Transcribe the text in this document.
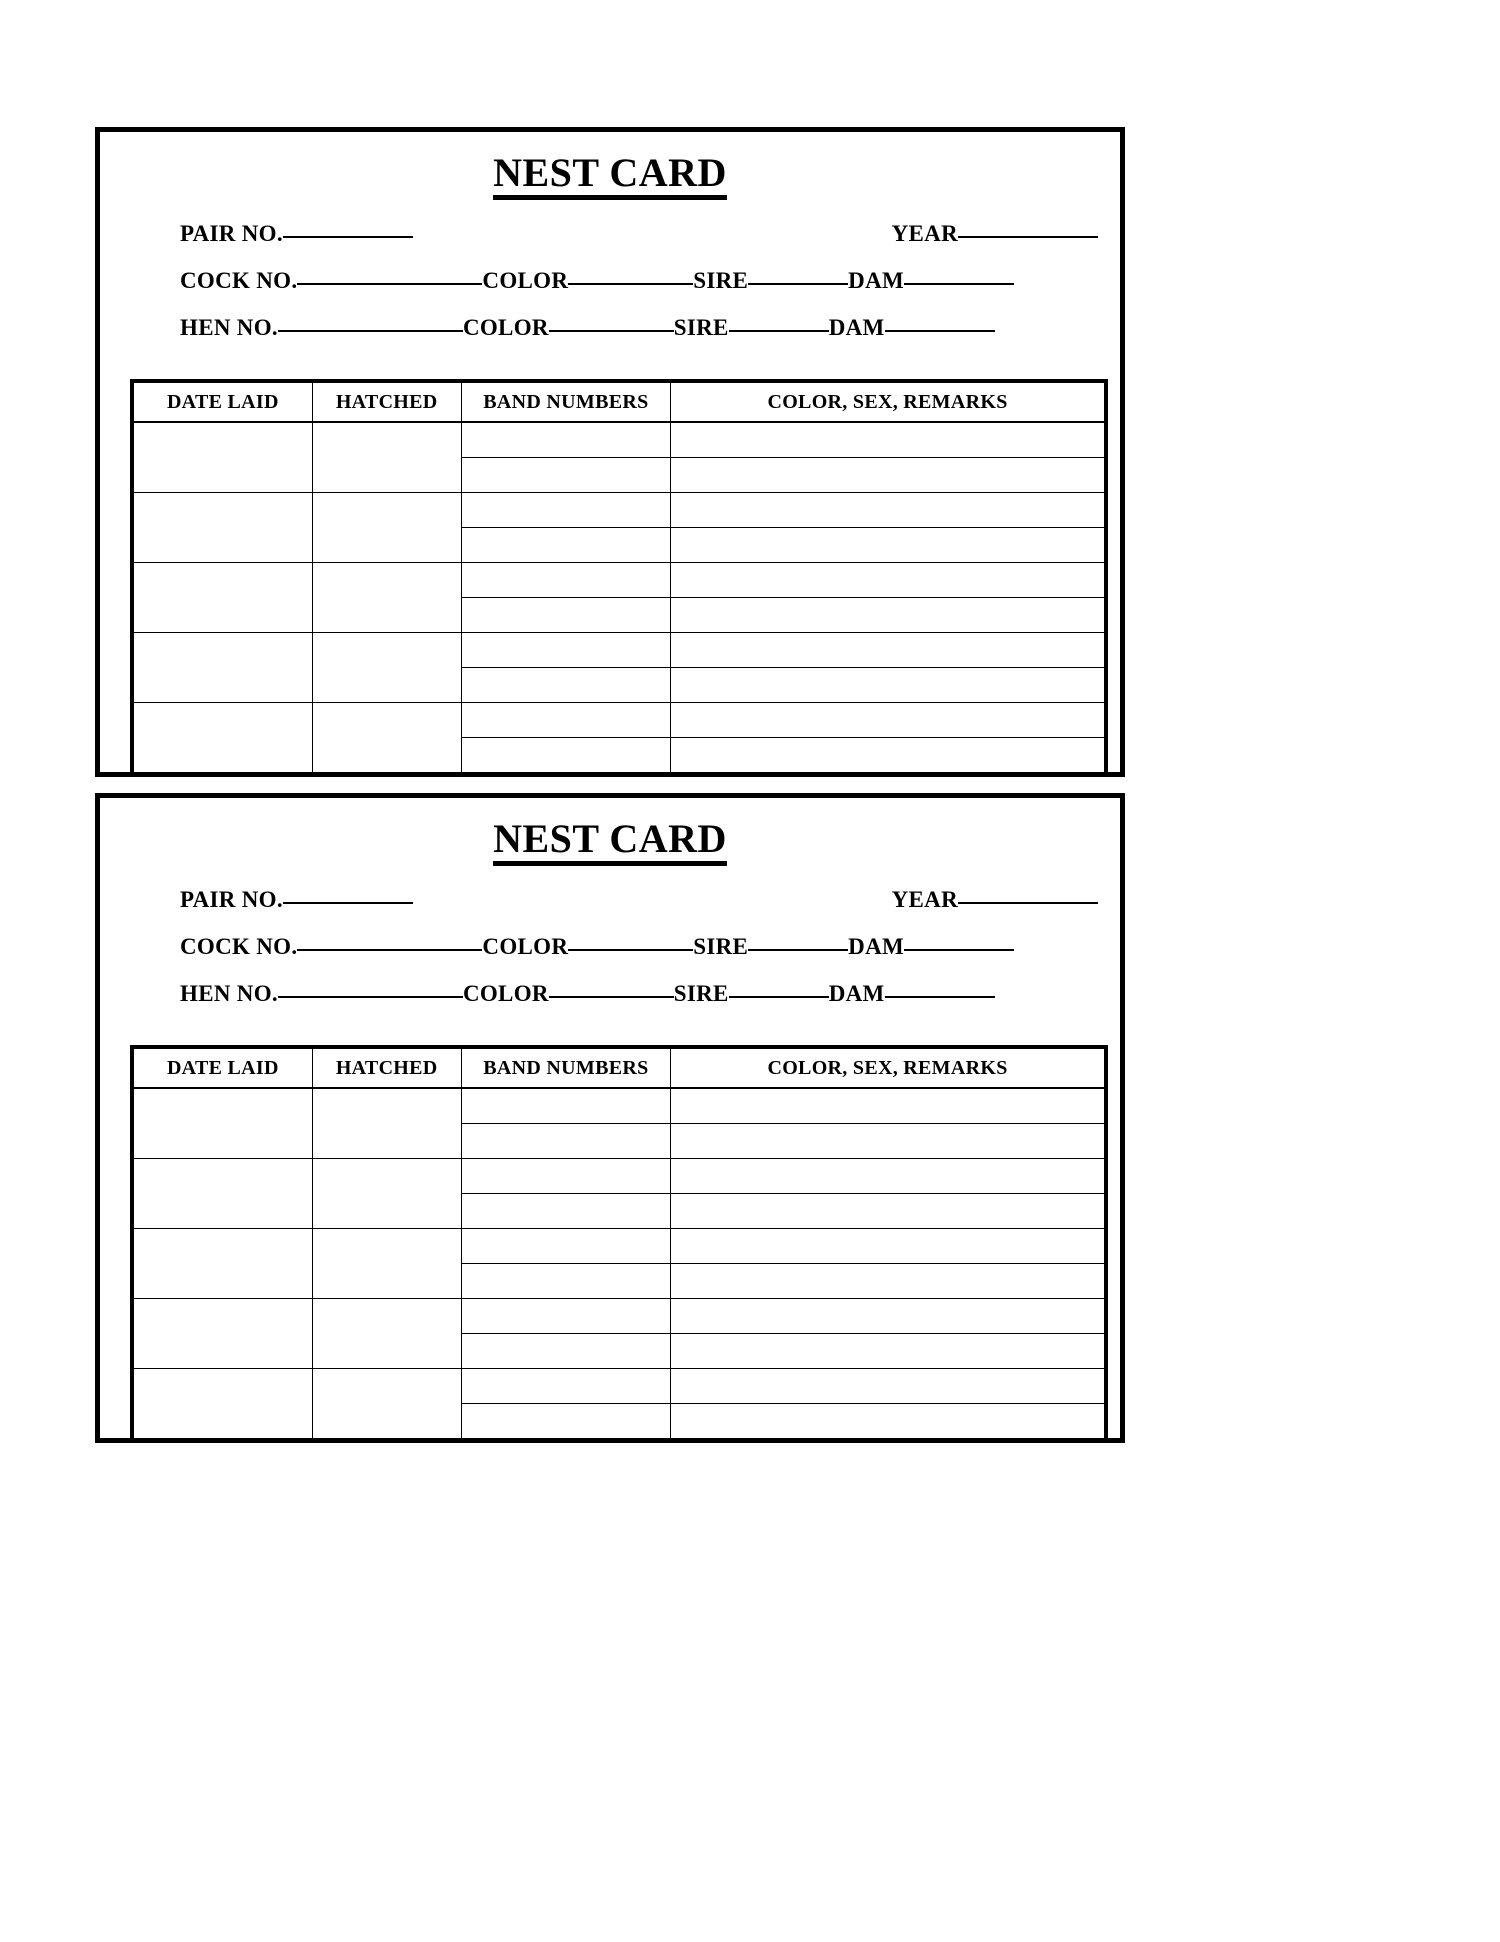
NEST CARD
PAIR NO.	YEAR
COCK NO.	COLOR	SIRE	DAM
HEN NO.	COLOR	SIRE	DAM
DATE LAID	HATCHED	BAND NUMBERS	COLOR, SEX, REMARKS

NEST CARD
PAIR NO.	YEAR
COCK NO.	COLOR	SIRE	DAM
HEN NO.	COLOR	SIRE	DAM
DATE LAID	HATCHED	BAND NUMBERS	COLOR, SEX, REMARKS
